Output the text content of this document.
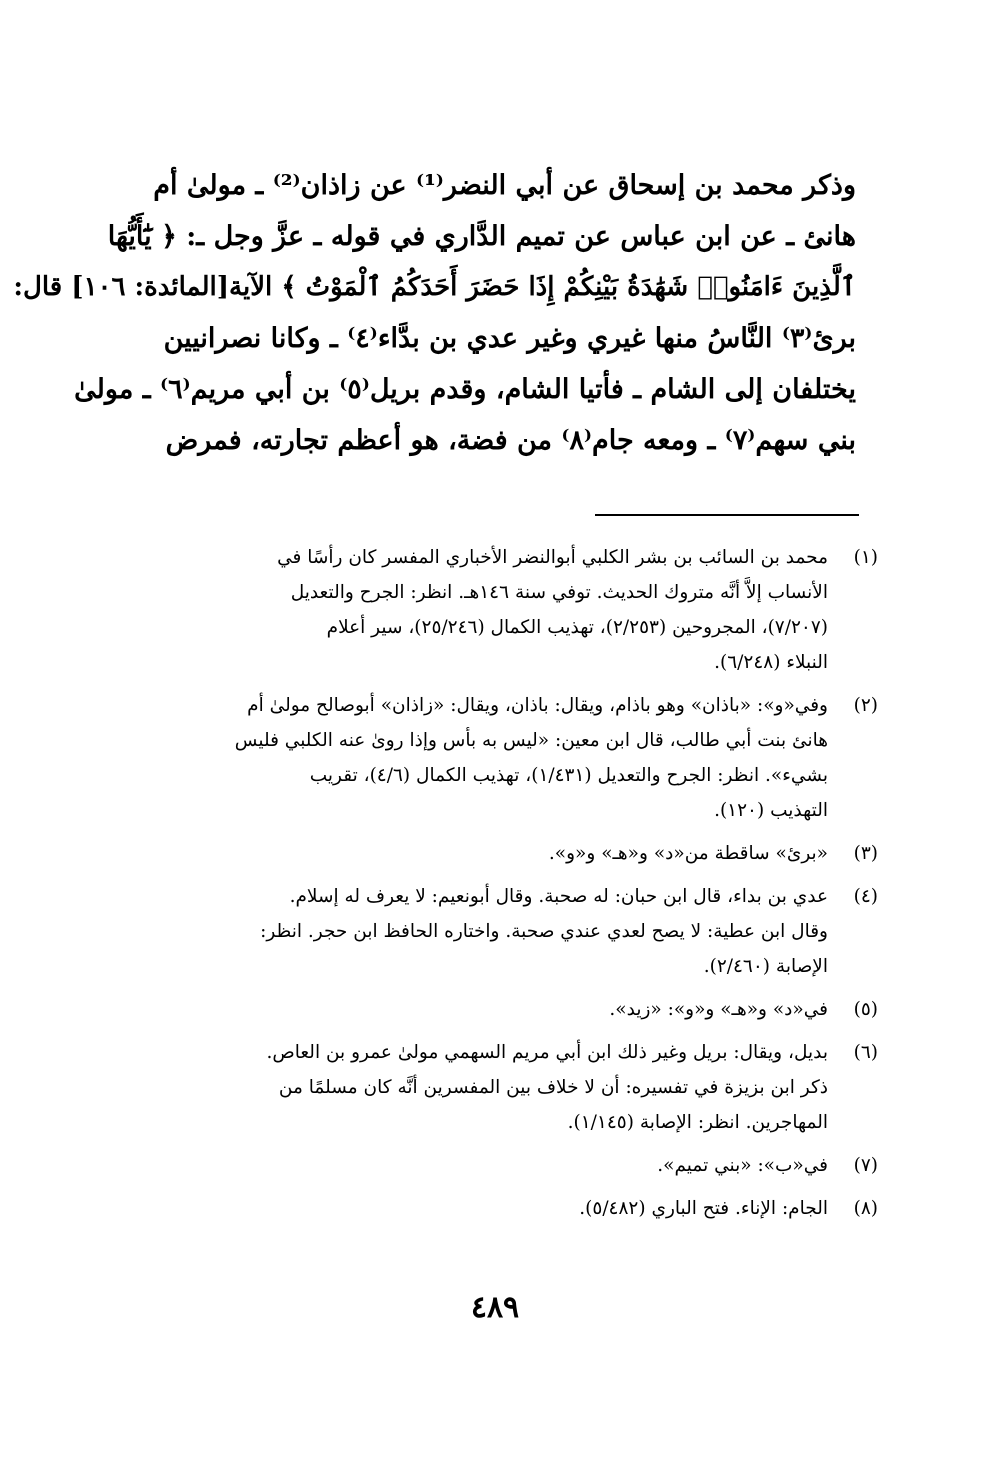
وذكر محمد بن إسحاق عن أبي النضر⁽¹⁾ عن زاذان⁽²⁾ ـ مولىٰ أم
هانئ ـ عن ابن عباس عن تميم الدَّاري في قوله ـ عزَّ وجل ـ: ﴿ يَٰٓأَيُّهَا
ٱلَّذِينَ ءَامَنُوا۟ شَهَٰدَةُ بَيْنِكُمْ إِذَا حَضَرَ أَحَدَكُمُ ٱلْمَوْتُ ﴾ الآية[المائدة: ١٠٦] قال:
برئ⁽٣⁾ النَّاسُ منها غيري وغير عدي بن بدَّاء⁽٤⁾ ـ وكانا نصرانيين
يختلفان إلى الشام ـ فأتيا الشام، وقدم بريل⁽٥⁾ بن أبي مريم⁽٦⁾ ـ مولىٰ
بني سهم⁽٧⁾ ـ ومعه جام⁽٨⁾ من فضة، هو أعظم تجارته، فمرض
(١)
محمد بن السائب بن بشر الكلبي أبوالنضر الأخباري المفسر كان رأسًا في
الأنساب إلاَّ أنَّه متروك الحديث. توفي سنة ١٤٦هـ. انظر: الجرح والتعديل
(٧/٢٠٧)، المجروحين (٢/٢٥٣)، تهذيب الكمال (٢٥/٢٤٦)، سير أعلام
النبلاء (٦/٢٤٨).
(٢)
وفي«و»: «باذان» وهو باذام، ويقال: باذان، ويقال: «زاذان» أبوصالح مولىٰ أم
هانئ بنت أبي طالب، قال ابن معين: «ليس به بأس وإذا روىٰ عنه الكلبي فليس
بشيء». انظر: الجرح والتعديل (١/٤٣١)، تهذيب الكمال (٤/٦)، تقريب
التهذيب (١٢٠).
(٣)
«برئ» ساقطة من«د» و«هـ» و«و».
(٤)
عدي بن بداء، قال ابن حبان: له صحبة. وقال أبونعيم: لا يعرف له إسلام.
وقال ابن عطية: لا يصح لعدي عندي صحبة. واختاره الحافظ ابن حجر. انظر:
الإصابة (٢/٤٦٠).
(٥)
في«د» و«هـ» و«و»: «زيد».
(٦)
بديل، ويقال: بريل وغير ذلك ابن أبي مريم السهمي مولىٰ عمرو بن العاص.
ذكر ابن بزيزة في تفسيره: أن لا خلاف بين المفسرين أنَّه كان مسلمًا من
المهاجرين. انظر: الإصابة (١/١٤٥).
(٧)
في«ب»: «بني تميم».
(٨)
الجام: الإناء. فتح الباري (٥/٤٨٢).
٤٨٩
